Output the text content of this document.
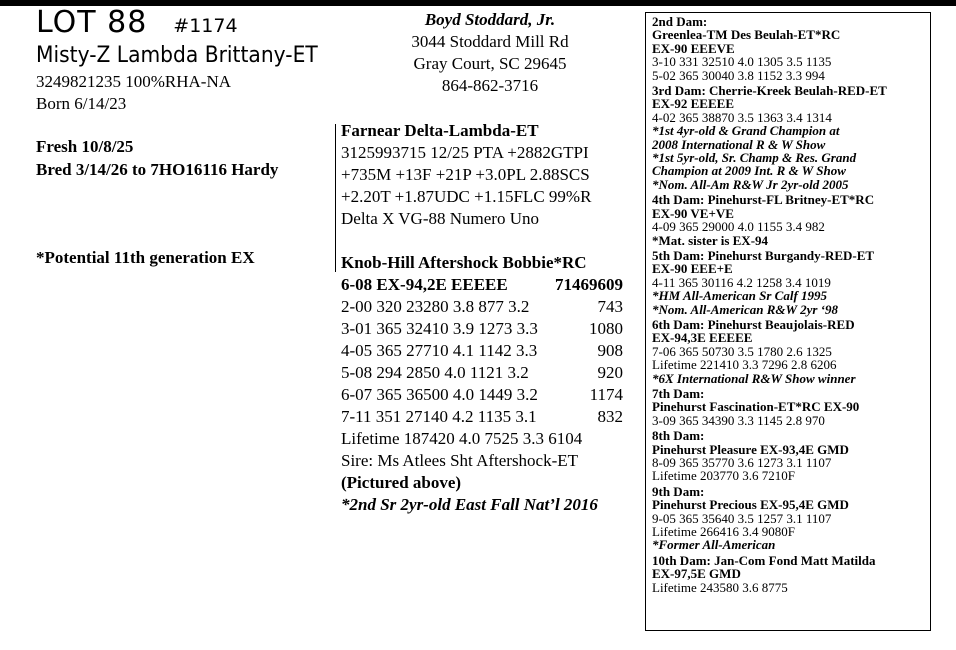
LOT 88 #1174
Misty-Z Lambda Brittany-ET
3249821235 100%RHA-NA
Born 6/14/23
Fresh 10/8/25
Bred 3/14/26 to 7HO16116 Hardy
*Potential 11th generation EX
Boyd Stoddard, Jr.
3044 Stoddard Mill Rd
Gray Court, SC 29645
864-862-3716
Farnear Delta-Lambda-ET
3125993715 12/25 PTA +2882GTPI
+735M +13F +21P +3.0PL 2.88SCS
+2.20T +1.87UDC +1.15FLC 99%R
Delta X VG-88 Numero Uno
Knob-Hill Aftershock Bobbie*RC
6-08 EX-94,2E EEEEE	71469609
2-00 320 23280 3.8 877 3.2	743
3-01 365 32410 3.9 1273 3.3	1080
4-05 365 27710 4.1 1142 3.3	908
5-08 294 2850 4.0 1121 3.2	920
6-07 365 36500 4.0 1449 3.2	1174
7-11 351 27140 4.2 1135 3.1	832
Lifetime 187420 4.0 7525 3.3 6104
Sire: Ms Atlees Sht Aftershock-ET
(Pictured above)
*2nd Sr 2yr-old East Fall Nat’l 2016
2nd Dam:
Greenlea-TM Des Beulah-ET*RC
EX-90 EEEVE
3-10 331 32510 4.0 1305 3.5 1135
5-02 365 30040 3.8 1152 3.3 994
3rd Dam: Cherrie-Kreek Beulah-RED-ET
EX-92 EEEEE
4-02 365 38870 3.5 1363 3.4 1314
*1st 4yr-old & Grand Champion at
2008 International R & W Show
*1st 5yr-old, Sr. Champ & Res. Grand
Champion at 2009 Int. R & W Show
*Nom. All-Am R&W Jr 2yr-old 2005
4th Dam: Pinehurst-FL Britney-ET*RC
EX-90 VE+VE
4-09 365 29000 4.0 1155 3.4 982
*Mat. sister is EX-94
5th Dam: Pinehurst Burgandy-RED-ET
EX-90 EEE+E
4-11 365 30116 4.2 1258 3.4 1019
*HM All-American Sr Calf 1995
*Nom. All-American R&W 2yr ‘98
6th Dam: Pinehurst Beaujolais-RED
EX-94,3E EEEEE
7-06 365 50730 3.5 1780 2.6 1325
Lifetime 221410 3.3 7296 2.8 6206
*6X International R&W Show winner
7th Dam:
Pinehurst Fascination-ET*RC EX-90
3-09 365 34390 3.3 1145 2.8 970
8th Dam:
Pinehurst Pleasure EX-93,4E GMD
8-09 365 35770 3.6 1273 3.1 1107
Lifetime 203770 3.6 7210F
9th Dam:
Pinehurst Precious EX-95,4E GMD
9-05 365 35640 3.5 1257 3.1 1107
Lifetime 266416 3.4 9080F
*Former All-American
10th Dam: Jan-Com Fond Matt Matilda
EX-97,5E GMD
Lifetime 243580 3.6 8775
